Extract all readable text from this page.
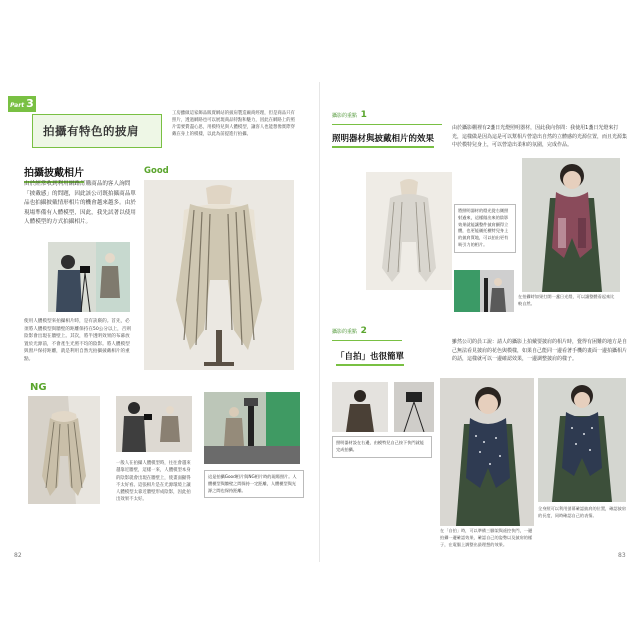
Part 3
拍攝有特色的披肩
工房雖做這家飾品販賣網站的披肩製造廠商經理，但是商品只有照片，透過網路也可以展現商品特點和魅力，因此在網路上的照片需要費盡心思，用模特兒與人體模型，讓客人也能想像實際穿戴在身上的模樣，以此為前提進行拍攝。
拍攝披戴相片
由於經常收到利用網路訂購商品的客人詢問「披戴感」的問題，因此該公司既拍攝商品單品也拍攝披戴情形相片的機會越來越多。由於現場準備有人體模型，因此，我先試著以使用人體模型的方式拍攝相片。
使用人體模型來拍攝相片時，是有訣竅的。首先，必須將人體模型與牆壁的距離保持在50公分以上，否則陰影會出現在牆壁上。其次，將半透明效果的布幕放置於光源前，不會產生光照不均的陰影。將人體模型與窗戶保持距離，就是利用自然光拍攝披戴相片的重點。
Good
NG
一般人在拍攝人體模型時，往往會越來越靠近牆壁，這樣一來，人體模型本身的陰影就會出現在牆壁上，使畫面顯得不太好看。這張相片是在光源環境上讓人體模型太靠近牆壁形成陰影，因此拍出效果不太好。
這是拍攝Good相片與NG相片時的現場照片。人體模型與牆壁之間保持一定距離，人體模型與光源之間也保持距離。
82
攝影的重點 1
照明器材與披戴相片的效果
由於攝影棚裡有2盞日光燈照明器材，因此我向你問：我使用1盞日光燈來打光，這樣做是因為這是可以幫相片營造出自然的立體感的光源位置，而且光源集中於模特兒身上，可以營造出柔和的氛圍，完成作品。
將照明器材的燈光從右側照射過來，這樣做出來的陰影效果就能讓整件披肩顯得立體，也更能襯托模特兒身上的披肩質地，可以拍出更有吸引力的相片。
在拍攝時如果打開一盞日光燈，可以讓整體看起來比較自然。
攝影的重點 2
「自拍」也很簡單
雖然公司的員工說：請人的攝影上拍戴要披肩的相片時，覺得有困難的地方是自己無法看見披肩的花色與模樣，如果自己能同一邊看著手機的畫面一邊拍攝相片的話，這樣就可以一邊確認效果，一邊調整披肩的樣子。
照明器材設在右邊，由模特兒自己按下快門就能完成拍攝。
在「自拍」時，可以準備三腳架與遙控快門，一邊拍攝一邊確認效果，確認自己的姿勢以及披肩的樣子，在電腦上調整出最理想的效果。
全身照可以利用螢幕確認披肩的位置，確認披肩的長度，同時確認自己的表情。
83
